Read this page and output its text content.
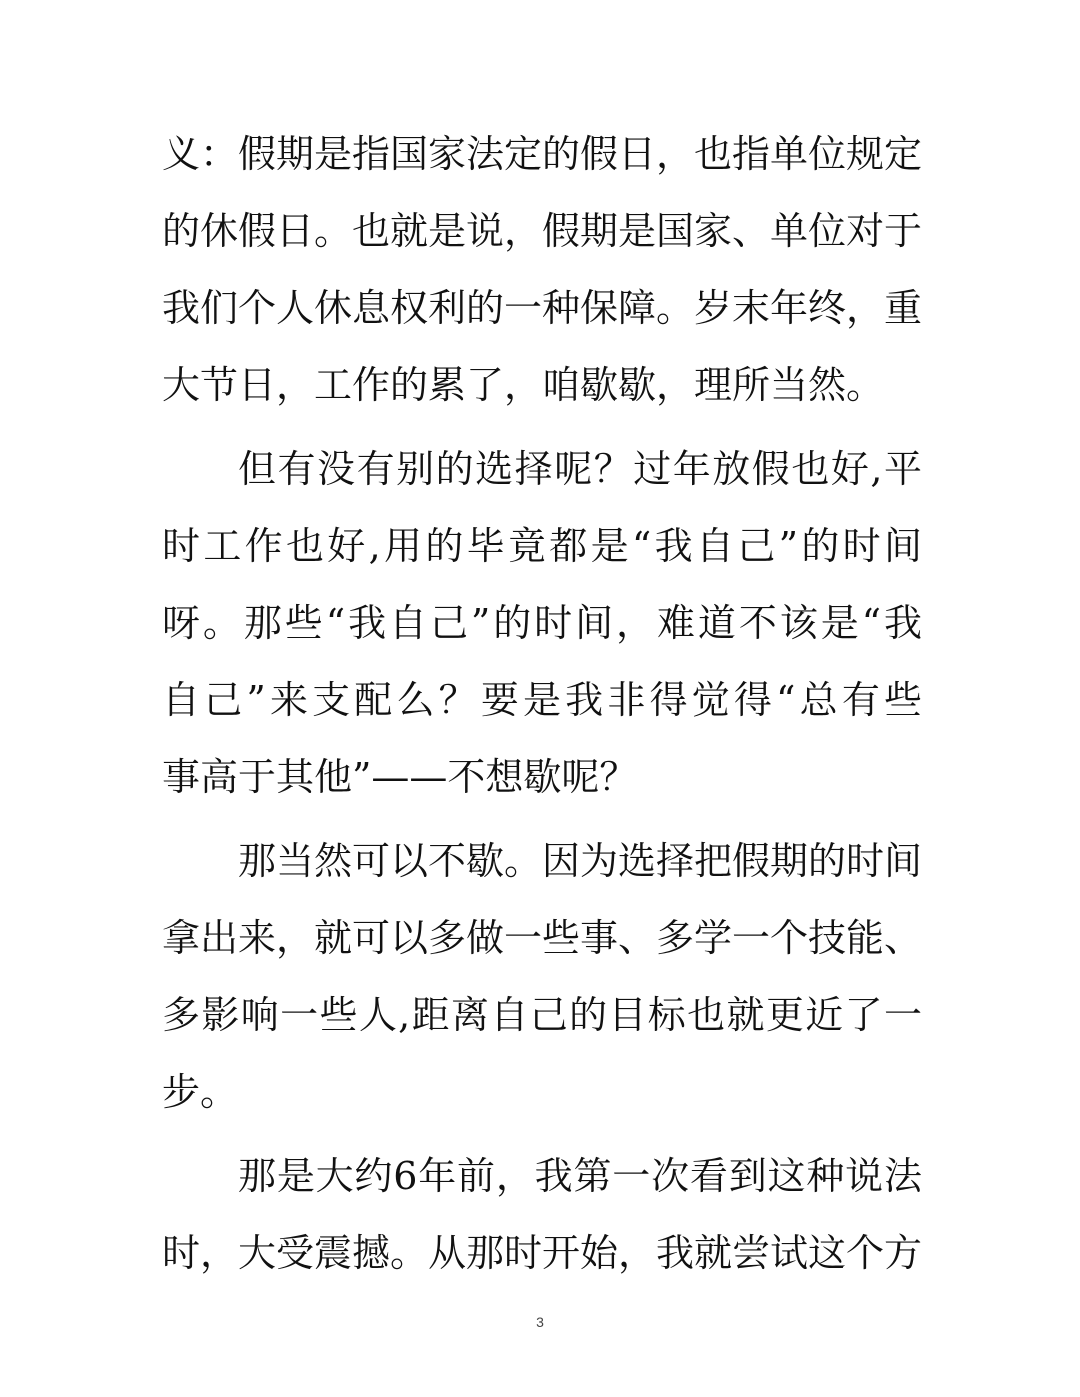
义：假期是指国家法定的假日，也指单位规定
的休假日。也就是说，假期是国家、单位对于
我们个人休息权利的一种保障。岁末年终，重
大节日，工作的累了，咱歇歇，理所当然。
但有没有别的选择呢？过年放假也好,平
时工作也好,用的毕竟都是“我自己”的时间
呀。那些“我自己”的时间，难道不该是“我
自己”来支配么？要是我非得觉得“总有些
事高于其他”——不想歇呢？
那当然可以不歇。因为选择把假期的时间
拿出来，就可以多做一些事、多学一个技能、
多影响一些人,距离自己的目标也就更近了一
步。
那是大约6年前，我第一次看到这种说法
时，大受震撼。从那时开始，我就尝试这个方
3
